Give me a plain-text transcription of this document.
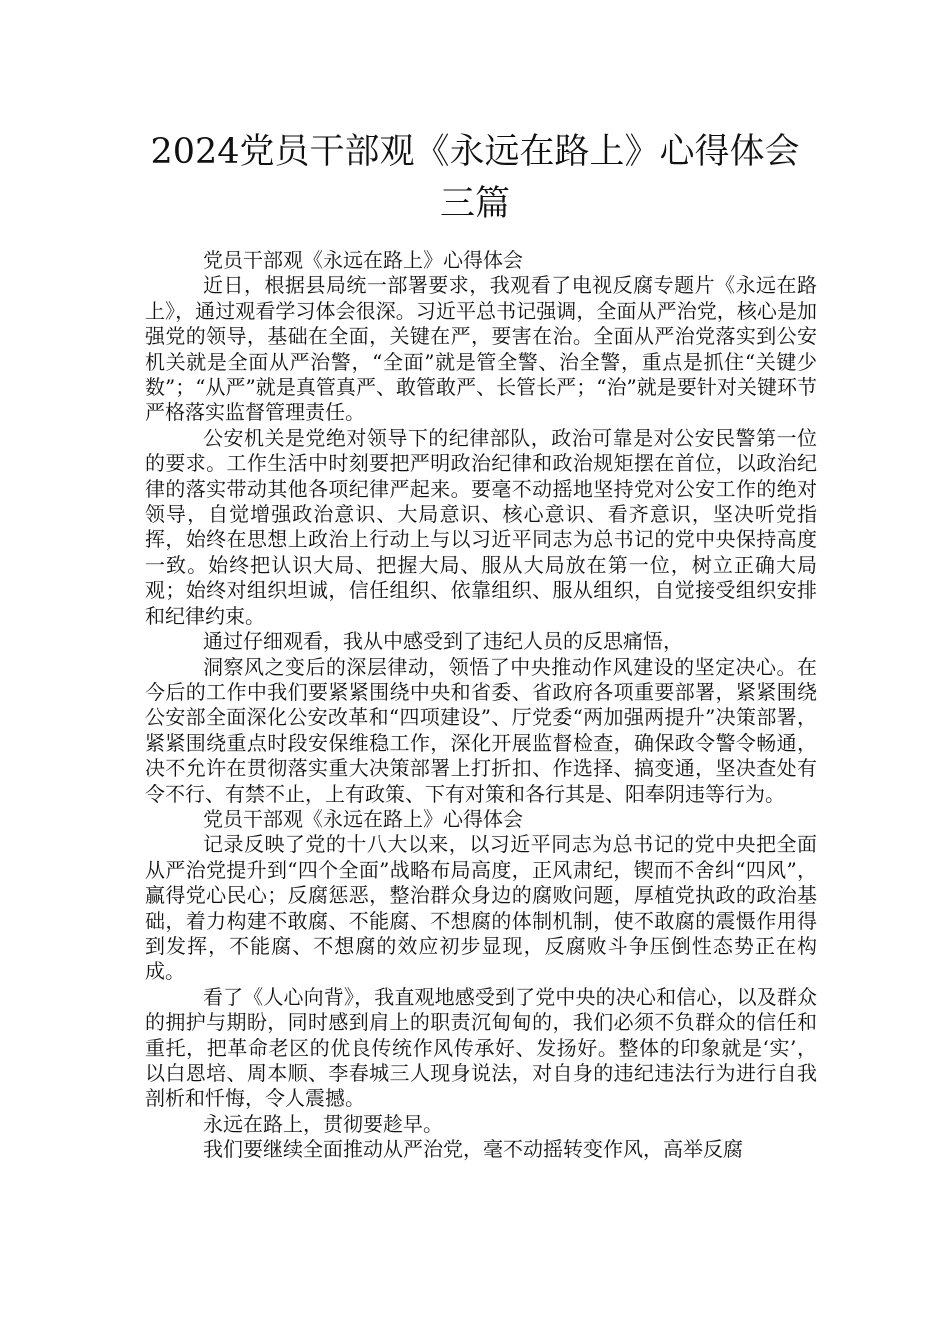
2024党员干部观《永远在路上》心得体会
三篇

党员干部观《永远在路上》心得体会

近日，根据县局统一部署要求，我观看了电视反腐专题片《永远在路上》，通过观看学习体会很深。习近平总书记强调，全面从严治党，核心是加强党的领导，基础在全面，关键在严，要害在治。全面从严治党落实到公安机关就是全面从严治警，“全面”就是管全警、治全警，重点是抓住“关键少数”；“从严”就是真管真严、敢管敢严、长管长严；“治”就是要针对关键环节严格落实监督管理责任。

公安机关是党绝对领导下的纪律部队，政治可靠是对公安民警第一位的要求。工作生活中时刻要把严明政治纪律和政治规矩摆在首位，以政治纪律的落实带动其他各项纪律严起来。要毫不动摇地坚持党对公安工作的绝对领导，自觉增强政治意识、大局意识、核心意识、看齐意识，坚决听党指挥，始终在思想上政治上行动上与以习近平同志为总书记的党中央保持高度一致。始终把认识大局、把握大局、服从大局放在第一位，树立正确大局观；始终对组织坦诚，信任组织、依靠组织、服从组织，自觉接受组织安排和纪律约束。

通过仔细观看，我从中感受到了违纪人员的反思痛悟，

洞察风之变后的深层律动，领悟了中央推动作风建设的坚定决心。在今后的工作中我们要紧紧围绕中央和省委、省政府各项重要部署，紧紧围绕公安部全面深化公安改革和“四项建设”、厅党委“两加强两提升”决策部署，紧紧围绕重点时段安保维稳工作，深化开展监督检查，确保政令警令畅通，决不允许在贯彻落实重大决策部署上打折扣、作选择、搞变通，坚决查处有令不行、有禁不止，上有政策、下有对策和各行其是、阳奉阴违等行为。

党员干部观《永远在路上》心得体会

记录反映了党的十八大以来，以习近平同志为总书记的党中央把全面从严治党提升到“四个全面”战略布局高度，正风肃纪，锲而不舍纠“四风”，赢得党心民心；反腐惩恶，整治群众身边的腐败问题，厚植党执政的政治基础，着力构建不敢腐、不能腐、不想腐的体制机制，使不敢腐的震慑作用得到发挥，不能腐、不想腐的效应初步显现，反腐败斗争压倒性态势正在构成。

看了《人心向背》，我直观地感受到了党中央的决心和信心，以及群众的拥护与期盼，同时感到肩上的职责沉甸甸的，我们必须不负群众的信任和重托，把革命老区的优良传统作风传承好、发扬好。整体的印象就是‘实’，以白恩培、周本顺、李春城三人现身说法，对自身的违纪违法行为进行自我剖析和忏悔，令人震撼。

永远在路上，贯彻要趁早。

我们要继续全面推动从严治党，毫不动摇转变作风，高举反腐
